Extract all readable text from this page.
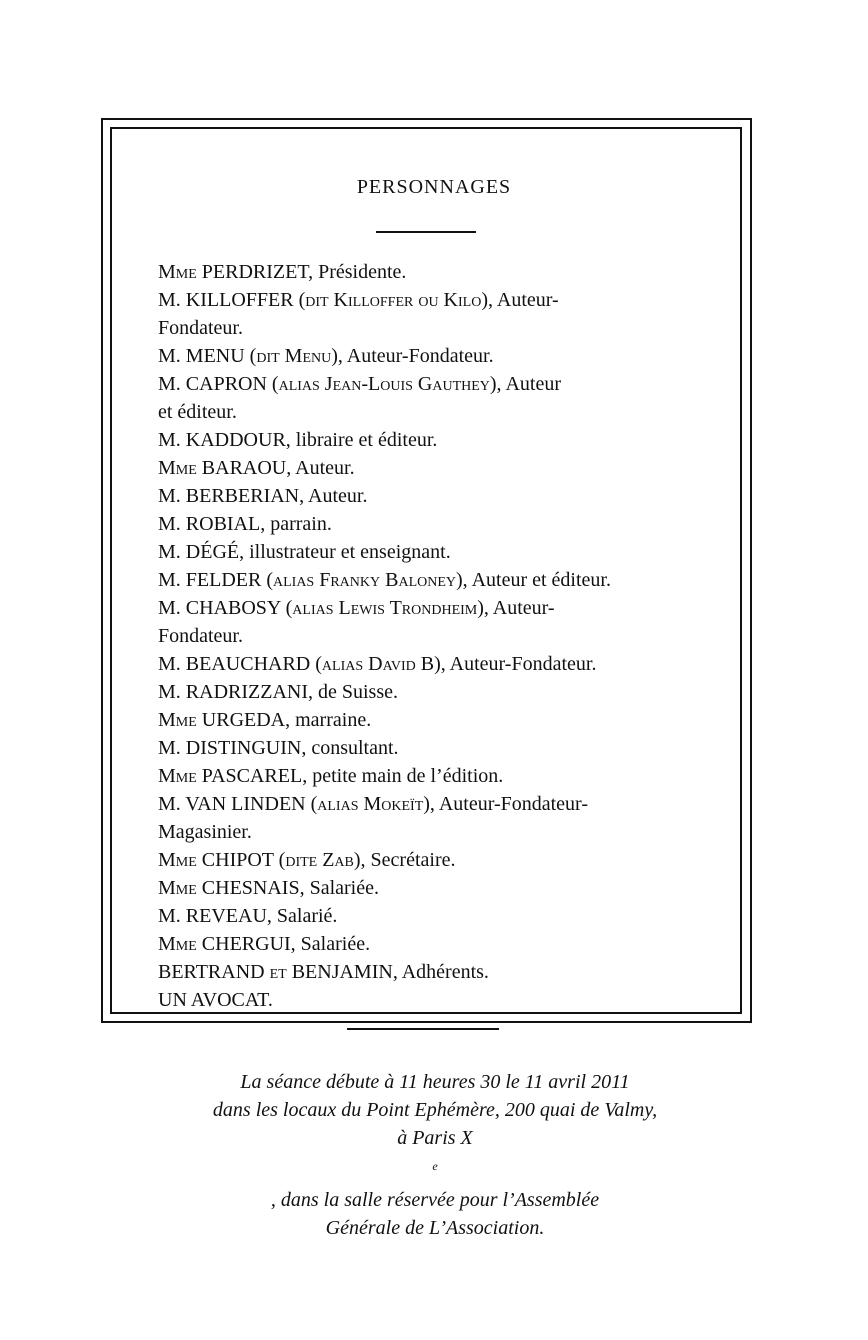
PERSONNAGES
Mme PERDRIZET, Présidente.
M. KILLOFFER (dit Killoffer ou Kilo), Auteur-
Fondateur.
M. MENU (dit Menu), Auteur-Fondateur.
M. CAPRON (alias Jean-Louis Gauthey), Auteur
et éditeur.
M. KADDOUR, libraire et éditeur.
Mme BARAOU, Auteur.
M. BERBERIAN, Auteur.
M. ROBIAL, parrain.
M. DÉGÉ, illustrateur et enseignant.
M. FELDER (alias Franky Baloney), Auteur et éditeur.
M. CHABOSY (alias Lewis Trondheim), Auteur-
Fondateur.
M. BEAUCHARD (alias David B), Auteur-Fondateur.
M. RADRIZZANI, de Suisse.
Mme URGEDA, marraine.
M. DISTINGUIN, consultant.
Mme PASCAREL, petite main de l’édition.
M. VAN LINDEN (alias Mokeït), Auteur-Fondateur-
Magasinier.
Mme CHIPOT (dite Zab), Secrétaire.
Mme CHESNAIS, Salariée.
M. REVEAU, Salarié.
Mme CHERGUI, Salariée.
BERTRAND et BENJAMIN, Adhérents.
UN AVOCAT.

La séance débute à 11 heures 30 le 11 avril 2011
dans les locaux du Point Ephémère, 200 quai de Valmy,
à Paris X
$^e$
, dans la salle réservée pour l’Assemblée
Générale de L’Association.
